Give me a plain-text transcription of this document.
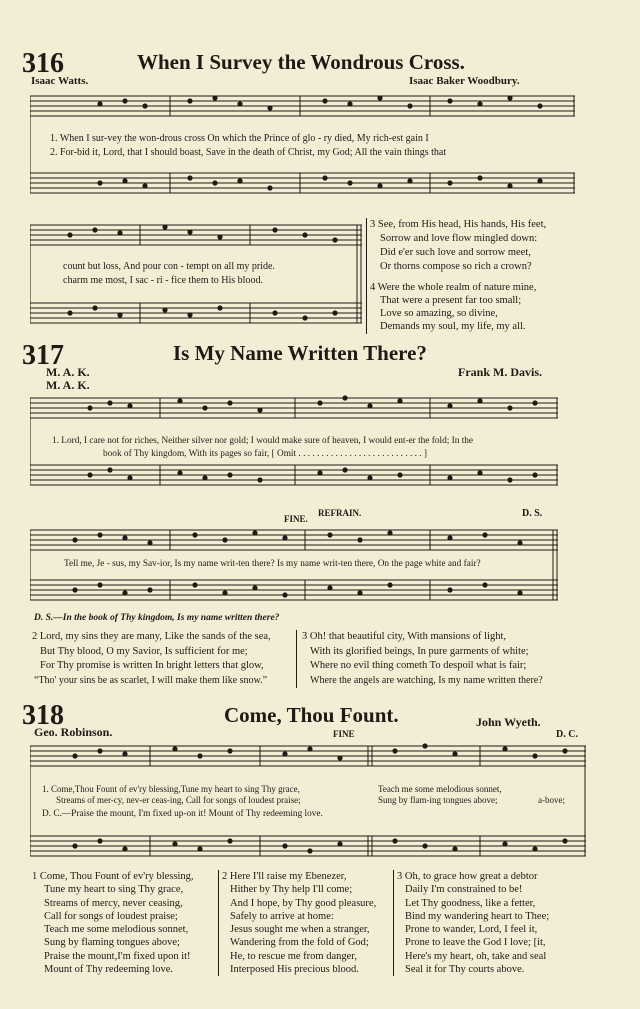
316	When I Survey the Wondrous Cross.
Isaac Watts.	Isaac Baker Woodbury.
1. When I sur-vey the won-drous cross On which the Prince of glo - ry died, My rich-est gain I
2. For-bid it, Lord, that I should boast, Save in the death of Christ, my God; All the vain things that
count but loss, And pour con - tempt on all my pride.
charm me most, I sac - ri - fice them to His blood.
3 See, from His head, His hands, His feet,
Sorrow and love flow mingled down:
Did e'er such love and sorrow meet,
Or thorns compose so rich a crown?
4 Were the whole realm of nature mine,
That were a present far too small;
Love so amazing, so divine,
Demands my soul, my life, my all.
317	Is My Name Written There?
M. A. K.
M. A. K.
Frank M. Davis.
1. Lord, I care not for riches, Neither silver nor gold; I would make sure of heaven, I would ent-er the fold; In the
book of Thy kingdom, With its pages so fair, [ Omit . . . . . . . . . . . . . . . . . . . . . . . . . . . ]
FINE.
REFRAIN.	D. S.
Tell me, Je - sus, my Sav-ior, Is my name writ-ten there? Is my name writ-ten there, On the page white and fair?
D. S.—In the book of Thy kingdom, Is my name written there?
2 Lord, my sins they are many, Like the sands of the sea,
But Thy blood, O my Savior, Is sufficient for me;
For Thy promise is written In bright letters that glow,
“Tho' your sins be as scarlet, I will make them like snow.”
3 Oh! that beautiful city, With mansions of light,
With its glorified beings, In pure garments of white;
Where no evil thing cometh To despoil what is fair;
Where the angels are watching, Is my name written there?
318	Come, Thou Fount.
Geo. Robinson.
John Wyeth.
FINE	D. C.
1. Come,Thou Fount of ev'ry blessing,Tune my heart to sing Thy grace,
Streams of mer-cy, nev-er ceas-ing, Call for songs of loudest praise;
Teach me some melodious sonnet,
Sung by flam-ing tongues above;	a-bove;
D. C.—Praise the mount, I'm fixed up-on it! Mount of Thy redeeming love.
1 Come, Thou Fount of ev'ry blessing,
Tune my heart to sing Thy grace,
Streams of mercy, never ceasing,
Call for songs of loudest praise;
Teach me some melodious sonnet,
Sung by flaming tongues above;
Praise the mount,I'm fixed upon it!
Mount of Thy redeeming love.
2 Here I'll raise my Ebenezer,
Hither by Thy help I'll come;
And I hope, by Thy good pleasure,
Safely to arrive at home:
Jesus sought me when a stranger,
Wandering from the fold of God;
He, to rescue me from danger,
Interposed His precious blood.
3 Oh, to grace how great a debtor
Daily I'm constrained to be!
Let Thy goodness, like a fetter,
Bind my wandering heart to Thee;
Prone to wander, Lord, I feel it,
Prone to leave the God I love; [it,
Here's my heart, oh, take and seal
Seal it for Thy courts above.
